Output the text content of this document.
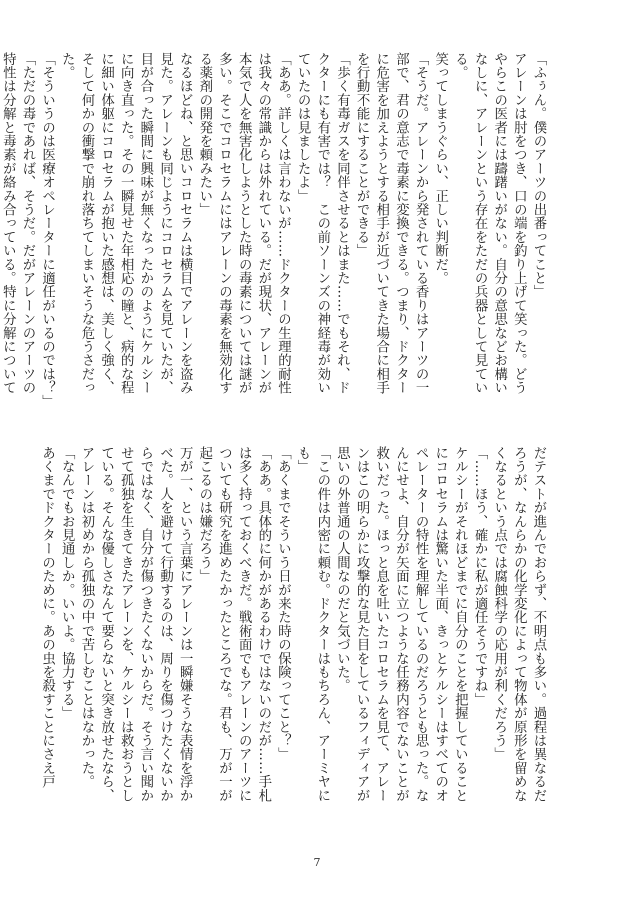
「ふぅん。僕のアーツの出番ってこと」
アレーンは肘をつき、口の端を釣り上げて笑った。どうやらこの医者には躊躇いがない。自分の意思などお構いなしに、アレーンという存在をただの兵器として見ている。
笑ってしまうぐらい、正しい判断だ。
「そうだ。アレーンから発されている香りはアーツの一部で、君の意志で毒素に変換できる。つまり、ドクターに危害を加えようとする相手が近づいてきた場合に相手を行動不能にすることができる」
「歩く有毒ガスを同伴させるとはまた……でもそれ、ドクターにも有害では？　この前ソーンズの神経毒が効いていたのは見ましたよ」
「ああ。詳しくは言わないが……ドクターの生理的耐性は我々の常識からは外れている。だが現状、アレーンが本気で人を無害化しようとした時の毒素については謎が多い。そこでコロセラムにはアレーンの毒素を無効化する薬剤の開発を頼みたい」
なるほどね、と思いコロセラムは横目でアレーンを盗み見た。アレーンも同じようにコロセラムを見ていたが、目が合った瞬間に興味が無くなったかのようにケルシーに向き直った。その一瞬見せた年相応の瞳と、病的な程に細い体躯にコロセラムが抱いた感想は、美しく強く、そして何かの衝撃で崩れ落ちてしまいそうな危うさだった。
「そういうのは医療オペレーターに適任がいるのでは？」
「ただの毒であれば、そうだ。だがアレーンのアーツの特性は分解と毒素が絡み合っている。特に分解について
だテストが進んでおらず、不明点も多い。過程は異なるだろうが、なんらかの化学変化によって物体が原形を留めなくなるという点では腐蝕科学の応用が利くだろう」
「……ほう、確かに私が適任そうですね」
ケルシーがそれほどまでに自分のことを把握していることにコロセラムは驚いた半面、きっとケルシーはすべてのオペレーターの特性を理解しているのだろうとも思った。なんにせよ、自分が矢面に立つような任務内容でないことが救いだった。ほっと息を吐いたコロセラムを見て、アレーンはこの明らかに攻撃的な見た目をしているフィディアが思いの外普通の人間なのだと気づいた。
「この件は内密に頼む。ドクターはもちろん、アーミヤにも」
「あくまでそういう日が来た時の保険ってこと？」
「ああ。具体的に何かがあるわけではないのだが……手札は多く持っておくべきだ。戦術面でもアレーンのアーツについても研究を進めたかったところでな。君も、万が一が起こるのは嫌だろう」
万が一、という言葉にアレーンは一瞬嫌そうな表情を浮かべた。人を避けて行動するのは、周りを傷つけたくないからではなく、自分が傷つきたくないからだ。そう言い聞かせて孤独を生きてきたアレーンを、ケルシーは救おうとしている。そんな優しさなんて要らないと突き放せたなら、アレーンは初めから孤独の中で苦しむことはなかった。
「なんでもお見通しか。いいよ。協力する」
あくまでドクターのために。あの虫を殺すことにさえ戸
7
